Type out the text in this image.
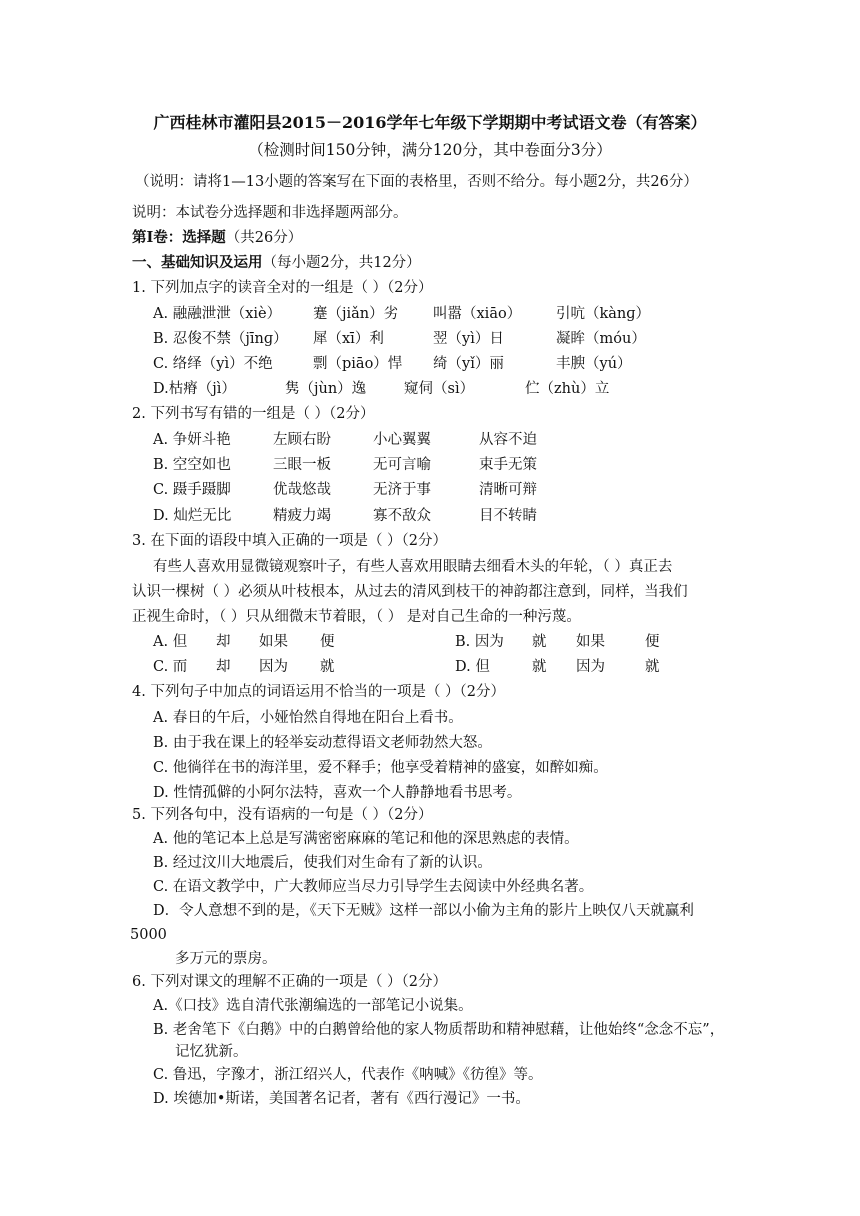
广西桂林市灌阳县2015－2016学年七年级下学期期中考试语文卷（有答案）
（检测时间150分钟，满分120分，其中卷面分3分）
（说明：请将1—13小题的答案写在下面的表格里，否则不给分。每小题2分，共26分）
说明：本试卷分选择题和非选择题两部分。
第Ⅰ卷：选择题（共26分）
一、基础知识及运用（每小题2分，共12分）
1. 下列加点字的读音全对的一组是（ ）（2分）
A. 融融泄泄（xiè） 蹇（jiǎn）劣 叫嚣（xiāo） 引吭（kànɡ）
B. 忍俊不禁（jīnɡ） 犀（xī）利	翌（yì）日	凝眸（móu）
C. 络绎（yì）不绝	剽（piāo）悍 绮（yǐ）丽	丰腴（yú）
D.枯瘠（jì）	隽（jùn）逸	窥伺（sì）	伫（zhù）立
2. 下列书写有错的一组是（ ）（2分）
A. 争妍斗艳	左顾右盼	小心翼翼	从容不迫
B. 空空如也	三眼一板	无可言喻	束手无策
C. 蹑手蹑脚	优哉悠哉	无济于事	清晰可辩
D. 灿烂无比	精疲力竭	寡不敌众	目不转睛
3. 在下面的语段中填入正确的一项是（ ）（2分）
有些人喜欢用显微镜观察叶子，有些人喜欢用眼睛去细看木头的年轮，（ ）真正去
认识一棵树（ ）必须从叶枝根本，从过去的清风到枝干的神韵都注意到，同样，当我们
正视生命时，（ ）只从细微末节着眼，（ ） 是对自己生命的一种污蔑。
A. 但 却 如果 便	B. 因为 就 如果	便
C. 而 却 因为 就	D. 但	就 因为	就
4. 下列句子中加点的词语运用不恰当的一项是（ ）（2分）
A. 春日的午后，小娅怡然自得地在阳台上看书。
B. 由于我在课上的轻举妄动惹得语文老师勃然大怒。
C. 他徜徉在书的海洋里，爱不释手；他享受着精神的盛宴，如醉如痴。
D. 性情孤僻的小阿尔法特，喜欢一个人静静地看书思考。
5. 下列各句中，没有语病的一句是（ ）（2分）
A. 他的笔记本上总是写满密密麻麻的笔记和他的深思熟虑的表情。
B. 经过汶川大地震后，使我们对生命有了新的认识。
C. 在语文教学中，广大教师应当尽力引导学生去阅读中外经典名著。
D．令人意想不到的是，《天下无贼》这样一部以小偷为主角的影片上映仅八天就赢利
5000
多万元的票房。
6. 下列对课文的理解不正确的一项是（ ）（2分）
A.《口技》选自清代张潮编选的一部笔记小说集。
B. 老舍笔下《白鹅》中的白鹅曾给他的家人物质帮助和精神慰藉，让他始终“念念不忘”，
记忆犹新。
C. 鲁迅，字豫才，浙江绍兴人，代表作《呐喊》《彷徨》等。
D. 埃德加•斯诺，美国著名记者，著有《西行漫记》一书。
